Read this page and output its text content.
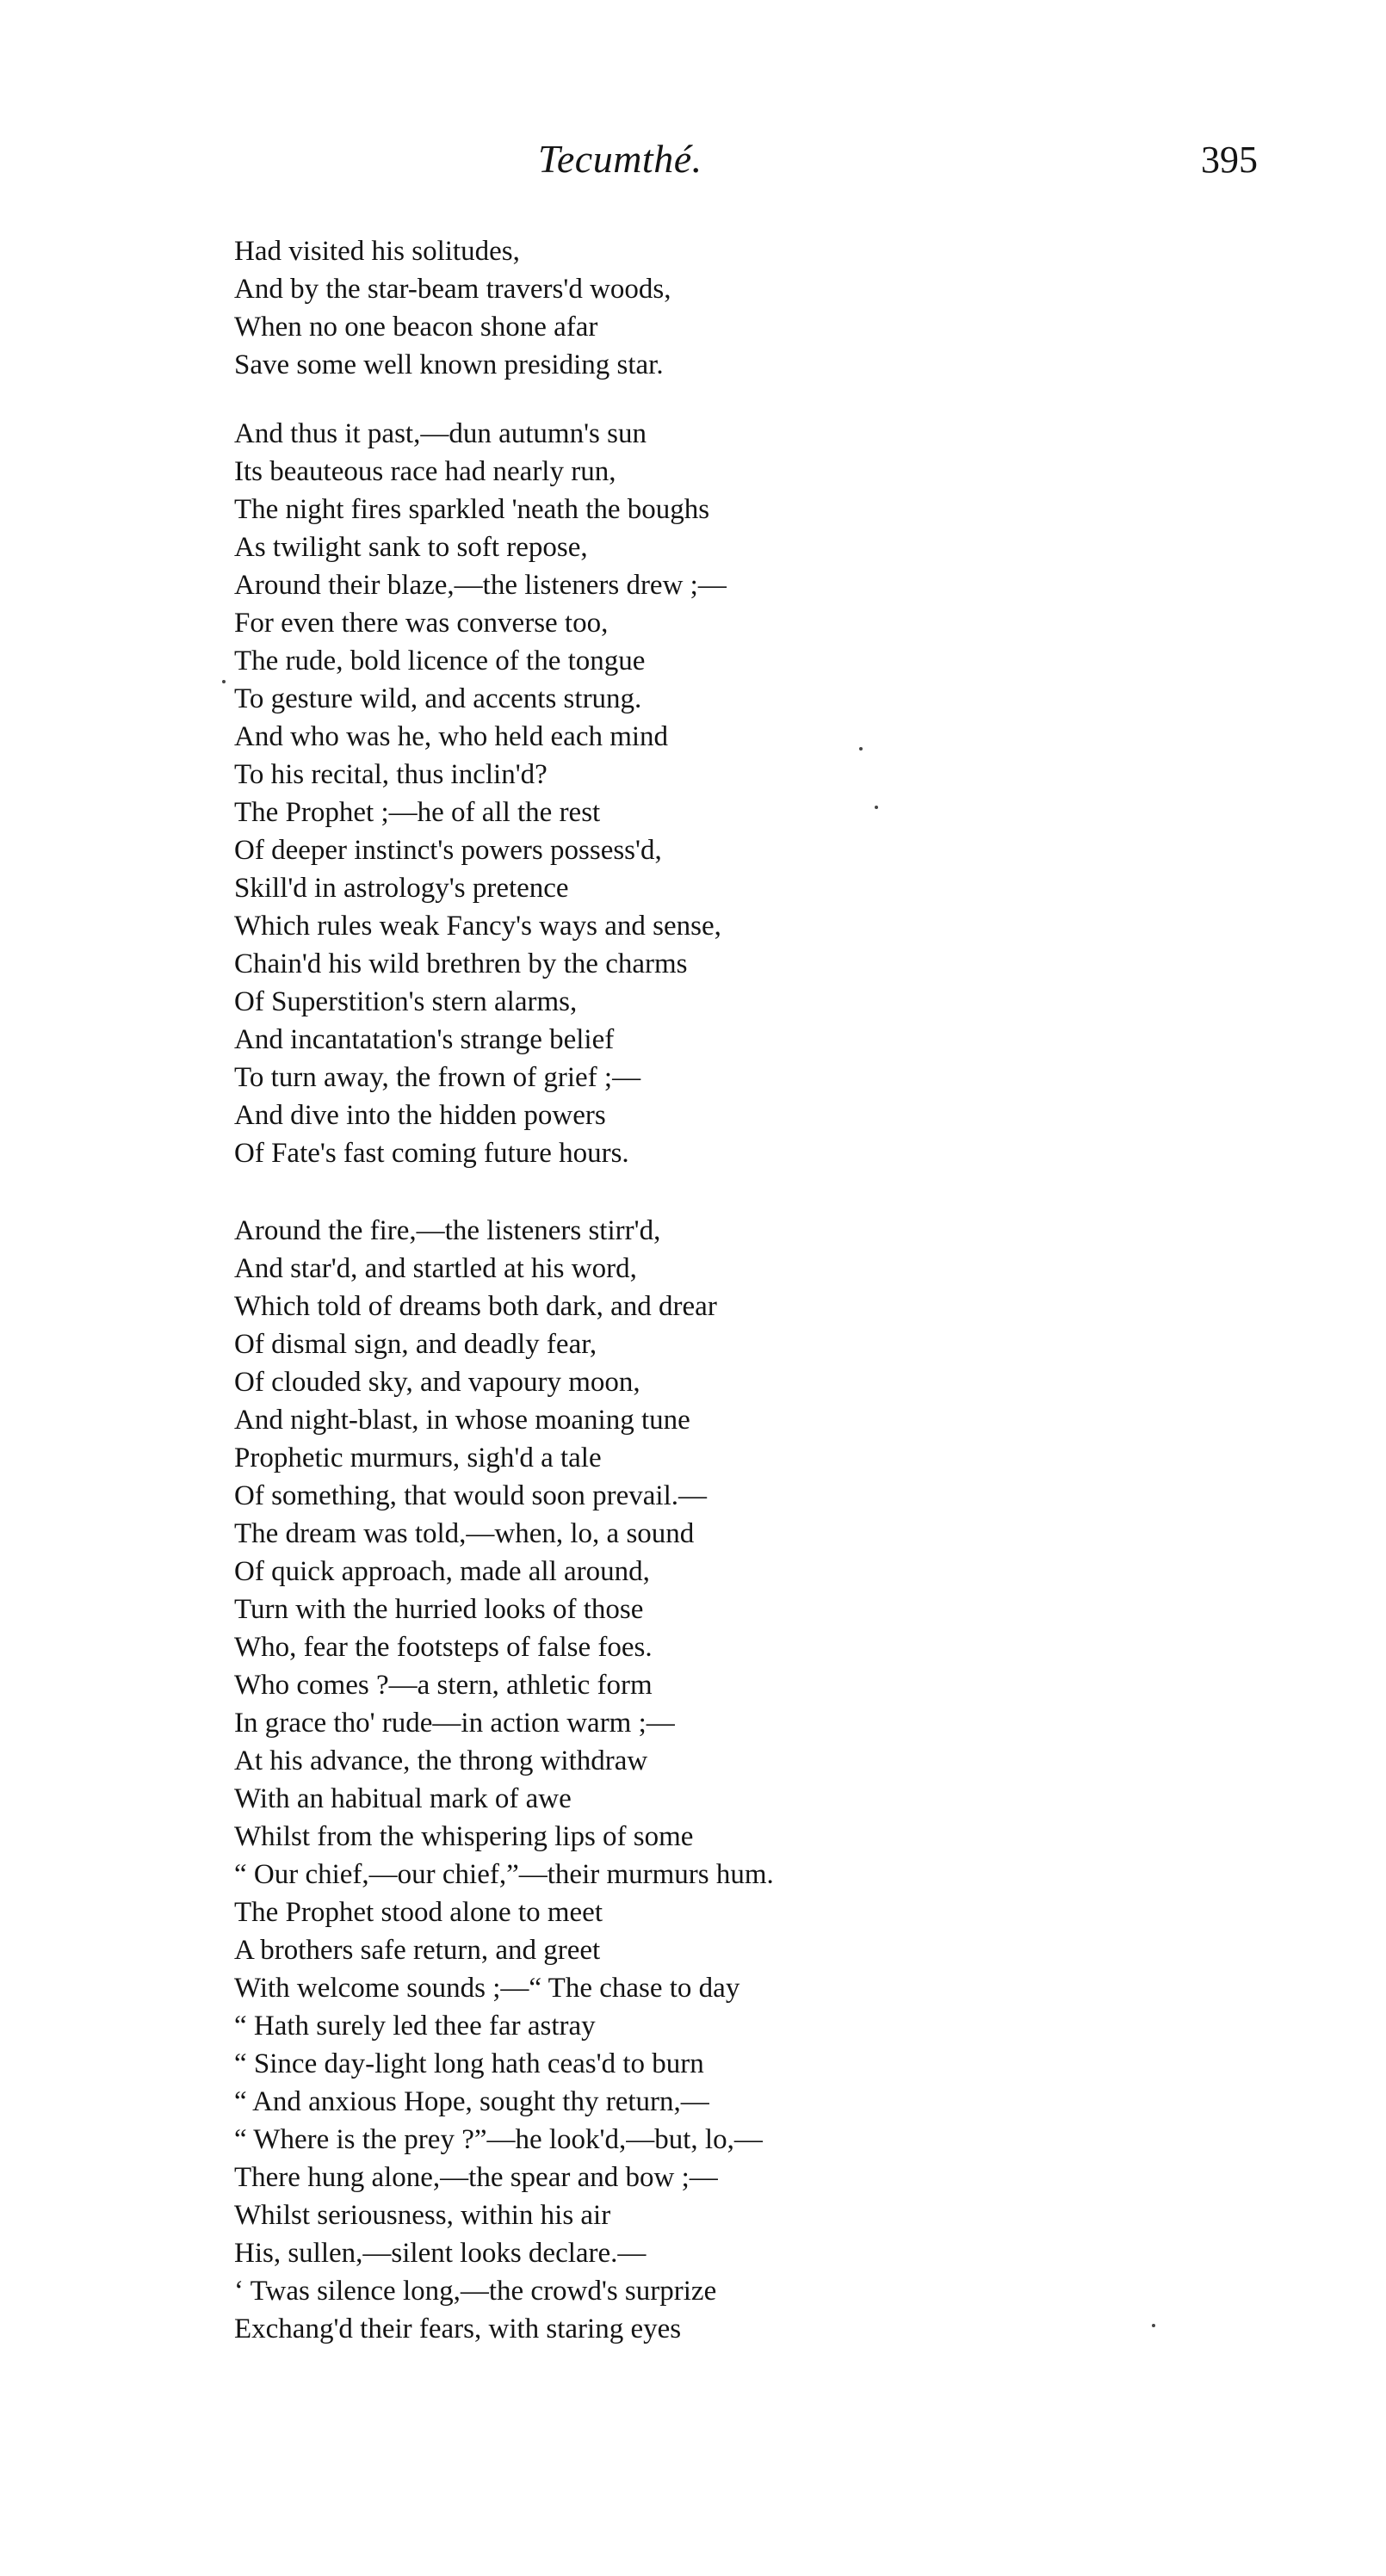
Tecumthé.	395
Had visited his solitudes,
And by the star-beam travers'd woods,
When no one beacon shone afar
Save some well known presiding star.
And thus it past,—dun autumn's sun
Its beauteous race had nearly run,
The night fires sparkled 'neath the boughs
As twilight sank to soft repose,
Around their blaze,—the listeners drew ;—
For even there was converse too,
The rude, bold licence of the tongue
To gesture wild, and accents strung.
And who was he, who held each mind
To his recital, thus inclin'd?
The Prophet ;—he of all the rest
Of deeper instinct's powers possess'd,
Skill'd in astrology's pretence
Which rules weak Fancy's ways and sense,
Chain'd his wild brethren by the charms
Of Superstition's stern alarms,
And incantatation's strange belief
To turn away, the frown of grief ;—
And dive into the hidden powers
Of Fate's fast coming future hours.
Around the fire,—the listeners stirr'd,
And star'd, and startled at his word,
Which told of dreams both dark, and drear
Of dismal sign, and deadly fear,
Of clouded sky, and vapoury moon,
And night-blast, in whose moaning tune
Prophetic murmurs, sigh'd a tale
Of something, that would soon prevail.—
The dream was told,—when, lo, a sound
Of quick approach, made all around,
Turn with the hurried looks of those
Who, fear the footsteps of false foes.
Who comes ?—a stern, athletic form
In grace tho' rude—in action warm ;—
At his advance, the throng withdraw
With an habitual mark of awe
Whilst from the whispering lips of some
“ Our chief,—our chief,”—their murmurs hum.
The Prophet stood alone to meet
A brothers safe return, and greet
With welcome sounds ;—“ The chase to day
“ Hath surely led thee far astray
“ Since day-light long hath ceas'd to burn
“ And anxious Hope, sought thy return,—
“ Where is the prey ?”—he look'd,—but, lo,—
There hung alone,—the spear and bow ;—
Whilst seriousness, within his air
His, sullen,—silent looks declare.—
‘ Twas silence long,—the crowd's surprize
Exchang'd their fears, with staring eyes
